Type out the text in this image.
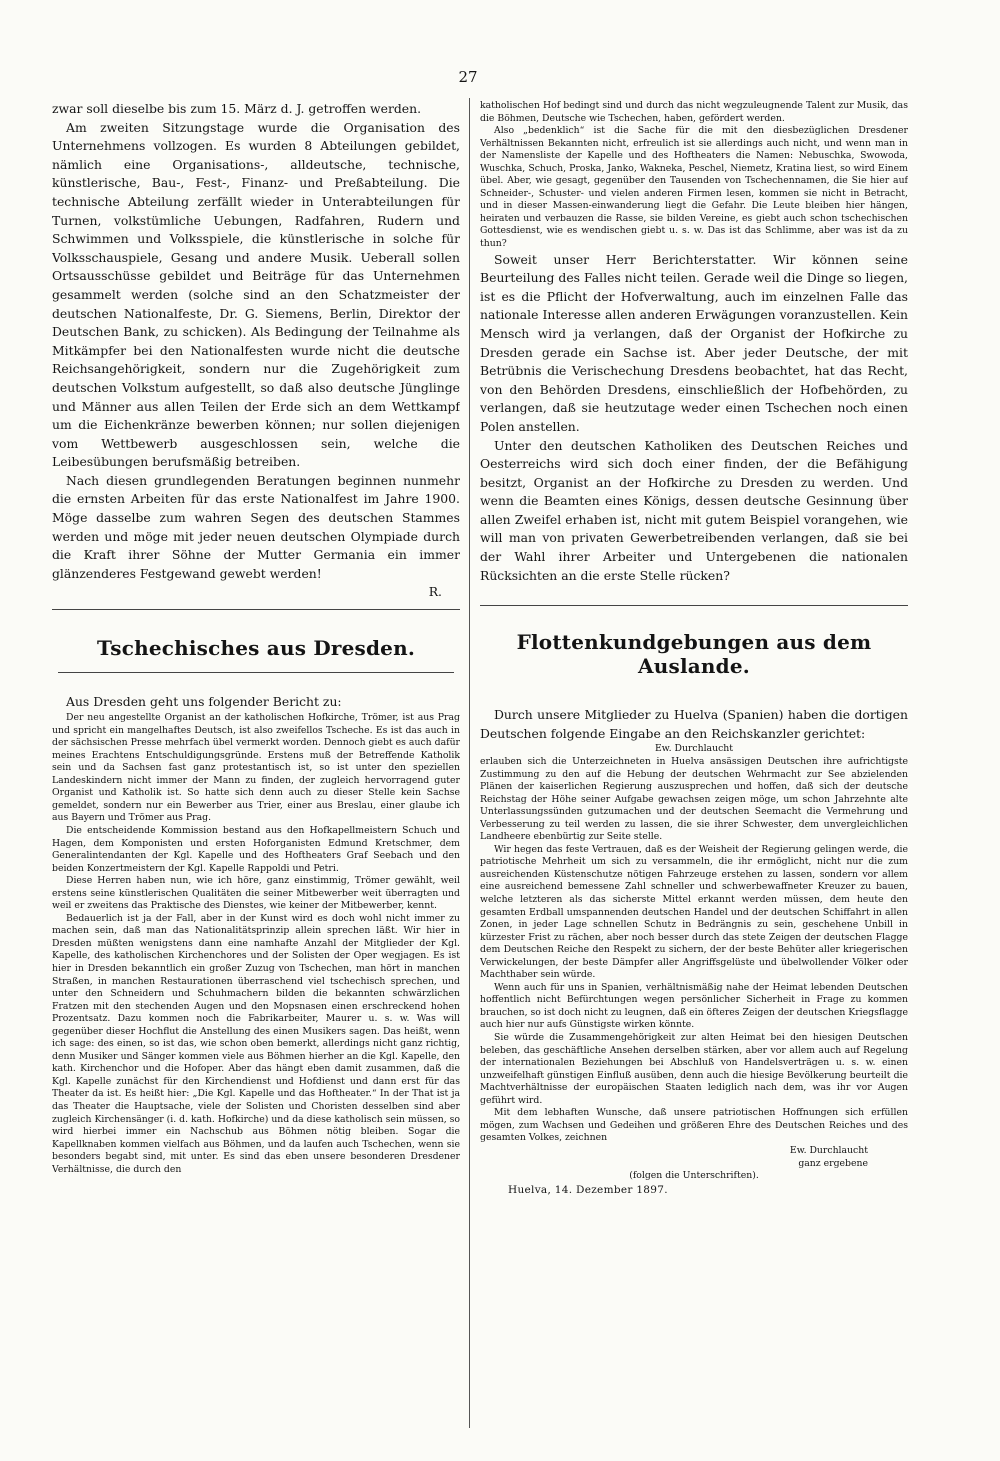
27

zwar soll dieselbe bis zum 15. März d. J. getroffen werden.

Am zweiten Sitzungstage wurde die Organisation des Unternehmens vollzogen. Es wurden 8 Abteilungen gebildet, nämlich eine Organisations-, alldeutsche, technische, künstlerische, Bau-, Fest-, Finanz- und Preßabteilung. Die technische Abteilung zerfällt wieder in Unterabteilungen für Turnen, volkstümliche Uebungen, Radfahren, Rudern und Schwimmen und Volksspiele, die künstlerische in solche für Volksschauspiele, Gesang und andere Musik. Ueberall sollen Ortsausschüsse gebildet und Beiträge für das Unternehmen gesammelt werden (solche sind an den Schatzmeister der deutschen Nationalfeste, Dr. G. Siemens, Berlin, Direktor der Deutschen Bank, zu schicken). Als Bedingung der Teilnahme als Mitkämpfer bei den Nationalfesten wurde nicht die deutsche Reichsangehörigkeit, sondern nur die Zugehörigkeit zum deutschen Volkstum aufgestellt, so daß also deutsche Jünglinge und Männer aus allen Teilen der Erde sich an dem Wettkampf um die Eichenkränze bewerben können; nur sollen diejenigen vom Wettbewerb ausgeschlossen sein, welche die Leibesübungen berufsmäßig betreiben.

Nach diesen grundlegenden Beratungen beginnen nunmehr die ernsten Arbeiten für das erste Nationalfest im Jahre 1900. Möge dasselbe zum wahren Segen des deutschen Stammes werden und möge mit jeder neuen deutschen Olympiade durch die Kraft ihrer Söhne der Mutter Germania ein immer glänzenderes Festgewand gewebt werden!

R.

Tschechisches aus Dresden.

Aus Dresden geht uns folgender Bericht zu:

Der neu angestellte Organist an der katholischen Hofkirche, Trömer, ist aus Prag und spricht ein mangelhaftes Deutsch, ist also zweifellos Tscheche. Es ist das auch in der sächsischen Presse mehrfach übel vermerkt worden. Dennoch giebt es auch dafür meines Erachtens Entschuldigungsgründe. Erstens muß der Betreffende Katholik sein und da Sachsen fast ganz protestantisch ist, so ist unter den speziellen Landeskindern nicht immer der Mann zu finden, der zugleich hervorragend guter Organist und Katholik ist. So hatte sich denn auch zu dieser Stelle kein Sachse gemeldet, sondern nur ein Bewerber aus Trier, einer aus Breslau, einer glaube ich aus Bayern und Trömer aus Prag.

Die entscheidende Kommission bestand aus den Hofkapellmeistern Schuch und Hagen, dem Komponisten und ersten Hoforganisten Edmund Kretschmer, dem Generalintendanten der Kgl. Kapelle und des Hoftheaters Graf Seebach und den beiden Konzertmeistern der Kgl. Kapelle Rappoldi und Petri.

Diese Herren haben nun, wie ich höre, ganz einstimmig, Trömer gewählt, weil erstens seine künstlerischen Qualitäten die seiner Mitbewerber weit überragten und weil er zweitens das Praktische des Dienstes, wie keiner der Mitbewerber, kennt.

Bedauerlich ist ja der Fall, aber in der Kunst wird es doch wohl nicht immer zu machen sein, daß man das Nationalitätsprinzip allein sprechen läßt. Wir hier in Dresden müßten wenigstens dann eine namhafte Anzahl der Mitglieder der Kgl. Kapelle, des katholischen Kirchenchores und der Solisten der Oper wegjagen. Es ist hier in Dresden bekanntlich ein großer Zuzug von Tschechen, man hört in manchen Straßen, in manchen Restaurationen überraschend viel tschechisch sprechen, und unter den Schneidern und Schuhmachern bilden die bekannten schwärzlichen Fratzen mit den stechenden Augen und den Mopsnasen einen erschreckend hohen Prozentsatz. Dazu kommen noch die Fabrikarbeiter, Maurer u. s. w. Was will gegenüber dieser Hochflut die Anstellung des einen Musikers sagen. Das heißt, wenn ich sage: des einen, so ist das, wie schon oben bemerkt, allerdings nicht ganz richtig, denn Musiker und Sänger kommen viele aus Böhmen hierher an die Kgl. Kapelle, den kath. Kirchenchor und die Hofoper. Aber das hängt eben damit zusammen, daß die Kgl. Kapelle zunächst für den Kirchendienst und Hofdienst und dann erst für das Theater da ist. Es heißt hier: „Die Kgl. Kapelle und das Hoftheater.“ In der That ist ja das Theater die Hauptsache, viele der Solisten und Choristen desselben sind aber zugleich Kirchensänger (i. d. kath. Hofkirche) und da diese katholisch sein müssen, so wird hierbei immer ein Nachschub aus Böhmen nötig bleiben. Sogar die Kapellknaben kommen vielfach aus Böhmen, und da laufen auch Tschechen, wenn sie besonders begabt sind, mit unter. Es sind das eben unsere besonderen Dresdener Verhältnisse, die durch den

katholischen Hof bedingt sind und durch das nicht wegzuleugnende Talent zur Musik, das die Böhmen, Deutsche wie Tschechen, haben, gefördert werden.

Also „bedenklich“ ist die Sache für die mit den diesbezüglichen Dresdener Verhältnissen Bekannten nicht, erfreulich ist sie allerdings auch nicht, und wenn man in der Namensliste der Kapelle und des Hoftheaters die Namen: Nebuschka, Swowoda, Wuschka, Schuch, Proska, Janko, Wakneka, Peschel, Niemetz, Kratina liest, so wird Einem übel. Aber, wie gesagt, gegenüber den Tausenden von Tschechennamen, die Sie hier auf Schneider-, Schuster- und vielen anderen Firmen lesen, kommen sie nicht in Betracht, und in dieser Massen-einwanderung liegt die Gefahr. Die Leute bleiben hier hängen, heiraten und verbauzen die Rasse, sie bilden Vereine, es giebt auch schon tschechischen Gottesdienst, wie es wendischen giebt u. s. w. Das ist das Schlimme, aber was ist da zu thun?

Soweit unser Herr Berichterstatter. Wir können seine Beurteilung des Falles nicht teilen. Gerade weil die Dinge so liegen, ist es die Pflicht der Hofverwaltung, auch im einzelnen Falle das nationale Interesse allen anderen Erwägungen voranzustellen. Kein Mensch wird ja verlangen, daß der Organist der Hofkirche zu Dresden gerade ein Sachse ist. Aber jeder Deutsche, der mit Betrübnis die Verischechung Dresdens beobachtet, hat das Recht, von den Behörden Dresdens, einschließlich der Hofbehörden, zu verlangen, daß sie heutzutage weder einen Tschechen noch einen Polen anstellen.

Unter den deutschen Katholiken des Deutschen Reiches und Oesterreichs wird sich doch einer finden, der die Befähigung besitzt, Organist an der Hofkirche zu Dresden zu werden. Und wenn die Beamten eines Königs, dessen deutsche Gesinnung über allen Zweifel erhaben ist, nicht mit gutem Beispiel vorangehen, wie will man von privaten Gewerbetreibenden verlangen, daß sie bei der Wahl ihrer Arbeiter und Untergebenen die nationalen Rücksichten an die erste Stelle rücken?

Flottenkundgebungen aus dem Auslande.

Durch unsere Mitglieder zu Huelva (Spanien) haben die dortigen Deutschen folgende Eingabe an den Reichskanzler gerichtet:

Ew. Durchlaucht

erlauben sich die Unterzeichneten in Huelva ansässigen Deutschen ihre aufrichtigste Zustimmung zu den auf die Hebung der deutschen Wehrmacht zur See abzielenden Plänen der kaiserlichen Regierung auszusprechen und hoffen, daß sich der deutsche Reichstag der Höhe seiner Aufgabe gewachsen zeigen möge, um schon Jahrzehnte alte Unterlassungssünden gutzumachen und der deutschen Seemacht die Vermehrung und Verbesserung zu teil werden zu lassen, die sie ihrer Schwester, dem unvergleichlichen Landheere ebenbürtig zur Seite stelle.

Wir hegen das feste Vertrauen, daß es der Weisheit der Regierung gelingen werde, die patriotische Mehrheit um sich zu versammeln, die ihr ermöglicht, nicht nur die zum ausreichenden Küstenschutze nötigen Fahrzeuge erstehen zu lassen, sondern vor allem eine ausreichend bemessene Zahl schneller und schwerbewaffneter Kreuzer zu bauen, welche letzteren als das sicherste Mittel erkannt werden müssen, dem heute den gesamten Erdball umspannenden deutschen Handel und der deutschen Schiffahrt in allen Zonen, in jeder Lage schnellen Schutz in Bedrängnis zu sein, geschehene Unbill in kürzester Frist zu rächen, aber noch besser durch das stete Zeigen der deutschen Flagge dem Deutschen Reiche den Respekt zu sichern, der der beste Behüter aller kriegerischen Verwickelungen, der beste Dämpfer aller Angriffsgelüste und übelwollender Völker oder Machthaber sein würde.

Wenn auch für uns in Spanien, verhältnismäßig nahe der Heimat lebenden Deutschen hoffentlich nicht Befürchtungen wegen persönlicher Sicherheit in Frage zu kommen brauchen, so ist doch nicht zu leugnen, daß ein öfteres Zeigen der deutschen Kriegsflagge auch hier nur aufs Günstigste wirken könnte.

Sie würde die Zusammengehörigkeit zur alten Heimat bei den hiesigen Deutschen beleben, das geschäftliche Ansehen derselben stärken, aber vor allem auch auf Regelung der internationalen Beziehungen bei Abschluß von Handelsverträgen u. s. w. einen unzweifelhaft günstigen Einfluß ausüben, denn auch die hiesige Bevölkerung beurteilt die Machtverhältnisse der europäischen Staaten lediglich nach dem, was ihr vor Augen geführt wird.

Mit dem lebhaften Wunsche, daß unsere patriotischen Hoffnungen sich erfüllen mögen, zum Wachsen und Gedeihen und größeren Ehre des Deutschen Reiches und des gesamten Volkes, zeichnen

Ew. Durchlaucht

ganz ergebene

(folgen die Unterschriften).

Huelva, 14. Dezember 1897.
